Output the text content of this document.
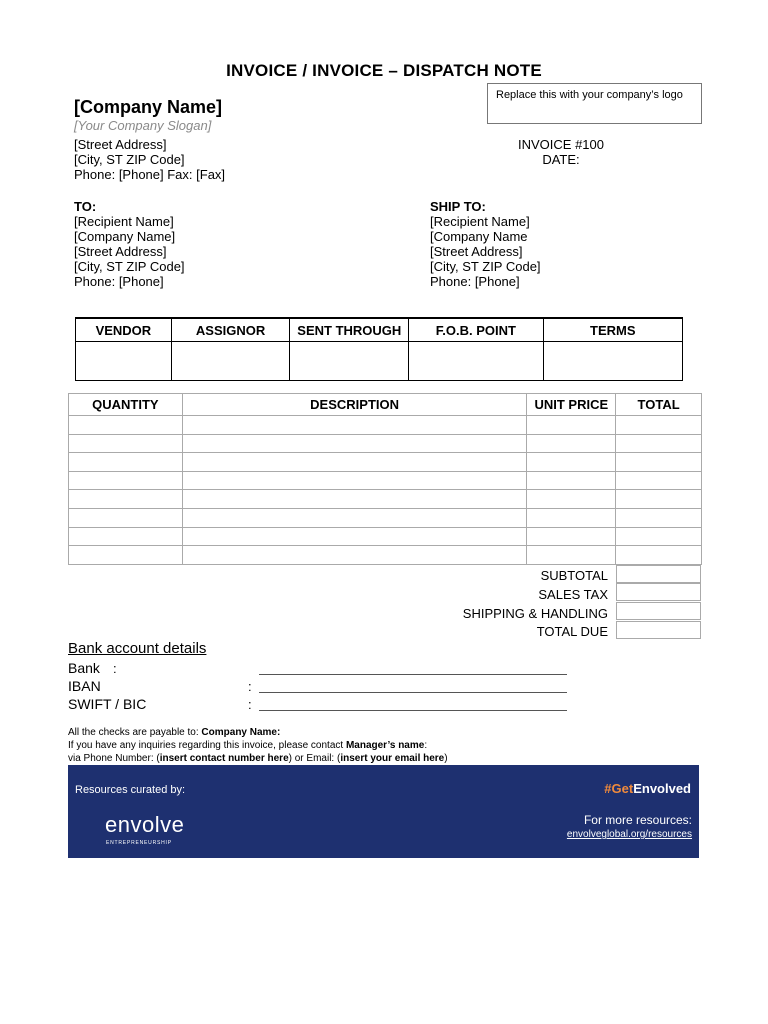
INVOICE / INVOICE – DISPATCH NOTE
[Company Name]
[Your Company Slogan]
[Street Address]
[City, ST ZIP Code]
Phone: [Phone] Fax: [Fax]
Replace this with your company’s logo
INVOICE #100
DATE:
TO:
[Recipient Name]
[Company Name]
[Street Address]
[City, ST ZIP Code]
Phone: [Phone]
SHIP TO:
[Recipient Name]
[Company Name
[Street Address]
[City, ST ZIP Code]
Phone: [Phone]
VENDOR	ASSIGNOR	SENT THROUGH	F.O.B. POINT	TERMS

QUANTITY	DESCRIPTION	UNIT PRICE	TOTAL

SUBTOTAL
SALES TAX
SHIPPING & HANDLING
TOTAL DUE
Bank account details
Bank :
IBAN	:
SWIFT / BIC	:
All the checks are payable to: Company Name:
If you have any inquiries regarding this invoice, please contact Manager’s name:
via Phone Number: (insert contact number here) or Email: (insert your email here)
Resources curated by:	#GetEnvolved
For more resources:
envolveglobal.org/resources
envolve
ENTREPRENEURSHIP
